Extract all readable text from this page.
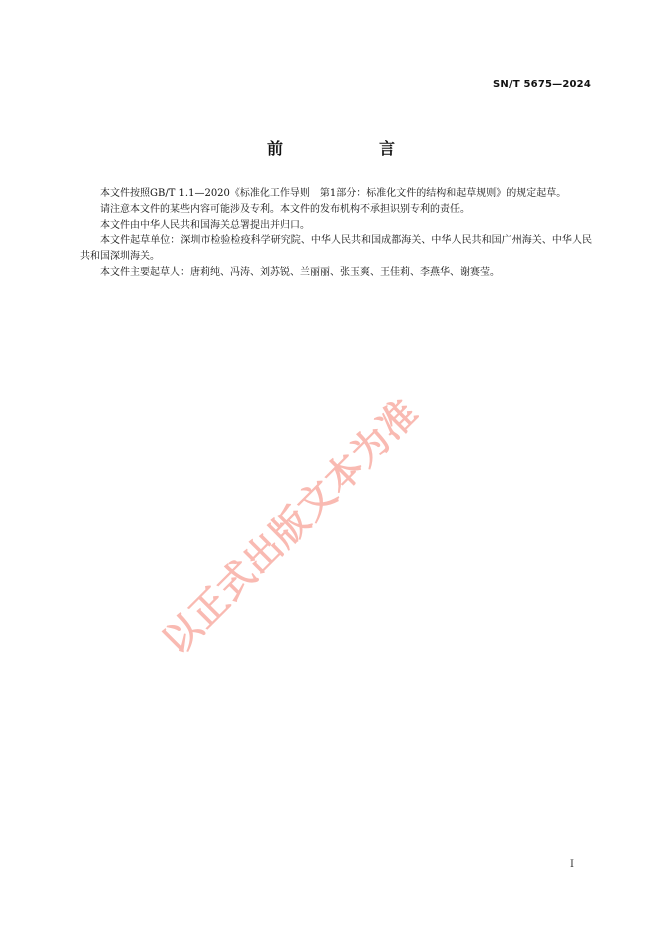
SN/T 5675—2024
前　言

本文件按照GB/T 1.1—2020《标准化工作导则　第1部分：标准化文件的结构和起草规则》的规定起草。

请注意本文件的某些内容可能涉及专利。本文件的发布机构不承担识别专利的责任。

本文件由中华人民共和国海关总署提出并归口。

本文件起草单位：深圳市检验检疫科学研究院、中华人民共和国成都海关、中华人民共和国广州海关、中华人民共和国深圳海关。

本文件主要起草人：唐莉纯、冯涛、刘苏锐、兰丽丽、张玉爽、王佳莉、李燕华、谢赛莹。

以正式出版文本为准
I
